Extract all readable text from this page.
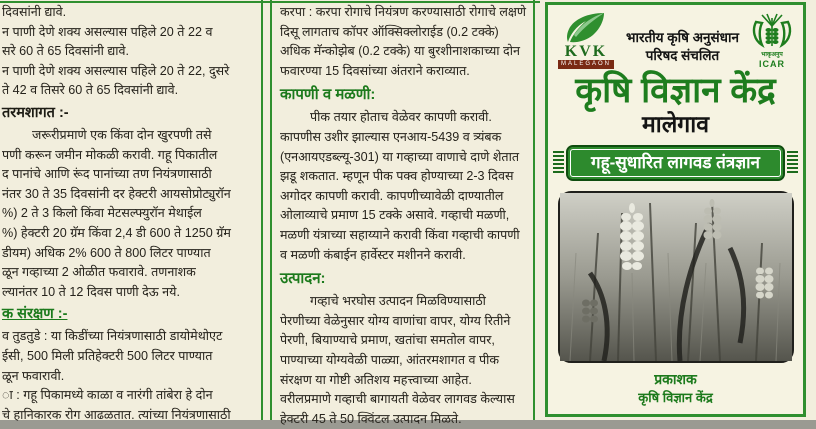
दिवसांनी द्यावे.
न पाणी देणे शक्य असल्यास पहिले 20 ते 22 व
सरे 60 ते 65 दिवसांनी द्यावे.
न पाणी देणे शक्य असल्यास पहिले 20 ते 22, दुसरे
ते 42 व तिसरे 60 ते 65 दिवसांनी द्यावे.
तरमशागत :-
जरूरीप्रमाणे एक किंवा दोन खुरपणी तसे
पणी करून जमीन मोकळी करावी. गहू पिकातील
द पानांचे आणि रूंद पानांच्या तण नियंत्रणासाठी
नंतर 30 ते 35 दिवसांनी दर हेक्टरी आयसोप्रोट्युरॉन
%) 2 ते 3 किलो किंवा मेटसल्फ्युरॉन मेथाईल
%) हेक्टरी 20 ग्रॅम किंवा 2,4 डी 600 ते 1250 ग्रॅम
डीयम) अधिक 2% 600 ते 800 लिटर पाण्यात
ळून गव्हाच्या 2 ओळीत फवारावे. तणनाशक
ल्यानंतर 10 ते 12 दिवस पाणी देऊ नये.
क संरक्षण :-
व तुडतुडे : या किडींच्या नियंत्रणासाठी डायोमेथोएट
ईसी, 500 मिली प्रतिहेक्टरी 500 लिटर पाण्यात
ळून फवारावी.
ा : गहू पिकामध्ये काळा व नारंगी तांबेरा हे दोन
चे हानिकारक रोग आढळतात. त्यांच्या नियंत्रणासाठी
करपा : करपा रोगाचे नियंत्रण करण्यासाठी रोगाचे लक्षणे
दिसू लागताच कॉपर ऑक्सिक्लोराईड (0.2 टक्के)
अधिक मॅन्कोझेब (0.2 टक्के) या बुरशीनाशकाच्या दोन
फवारण्या 15 दिवसांच्या अंतराने कराव्यात.
कापणी व मळणी:
पीक तयार होताच वेळेवर कापणी करावी.
कापणीस उशीर झाल्यास एनआय-5439 व त्र्यंबक
(एनआयएडब्ल्यू-301) या गव्हाच्या वाणाचे दाणे शेतात
झडू शकतात. म्हणून पीक पक्व होण्याच्या 2-3 दिवस
अगोदर कापणी करावी. कापणीच्यावेळी दाण्यातील
ओलाव्याचे प्रमाण 15 टक्के असावे. गव्हाची मळणी,
मळणी यंत्राच्या सहाय्याने करावी किंवा गव्हाची कापणी
व मळणी कंबाईन हार्वेस्टर मशीनने करावी.
उत्पादन:
गव्हाचे भरघोस उत्पादन मिळविण्यासाठी
पेरणीच्या वेळेनुसार योग्य वाणांचा वापर, योग्य रितीने
पेरणी, बियाण्याचे प्रमाण, खतांचा समतोल वापर,
पाण्याच्या योग्यवेळी पाळ्या, आंतरमशागत व पीक
संरक्षण या गोष्टी अतिशय महत्त्वाच्या आहेत.
वरीलप्रमाणे गव्हाची बागायती वेळेवर लागवड केल्यास
हेक्टरी 45 ते 50 क्विंटल उत्पादन मिळते.
KVK
MALEGAON
भारतीय कृषि अनुसंधान
परिषद संचलित	भाकृअनुप
ICAR
कृषि विज्ञान केंद्र
मालेगाव
गहू-सुधारित लागवड तंत्रज्ञान
प्रकाशक
कृषि विज्ञान केंद्र
